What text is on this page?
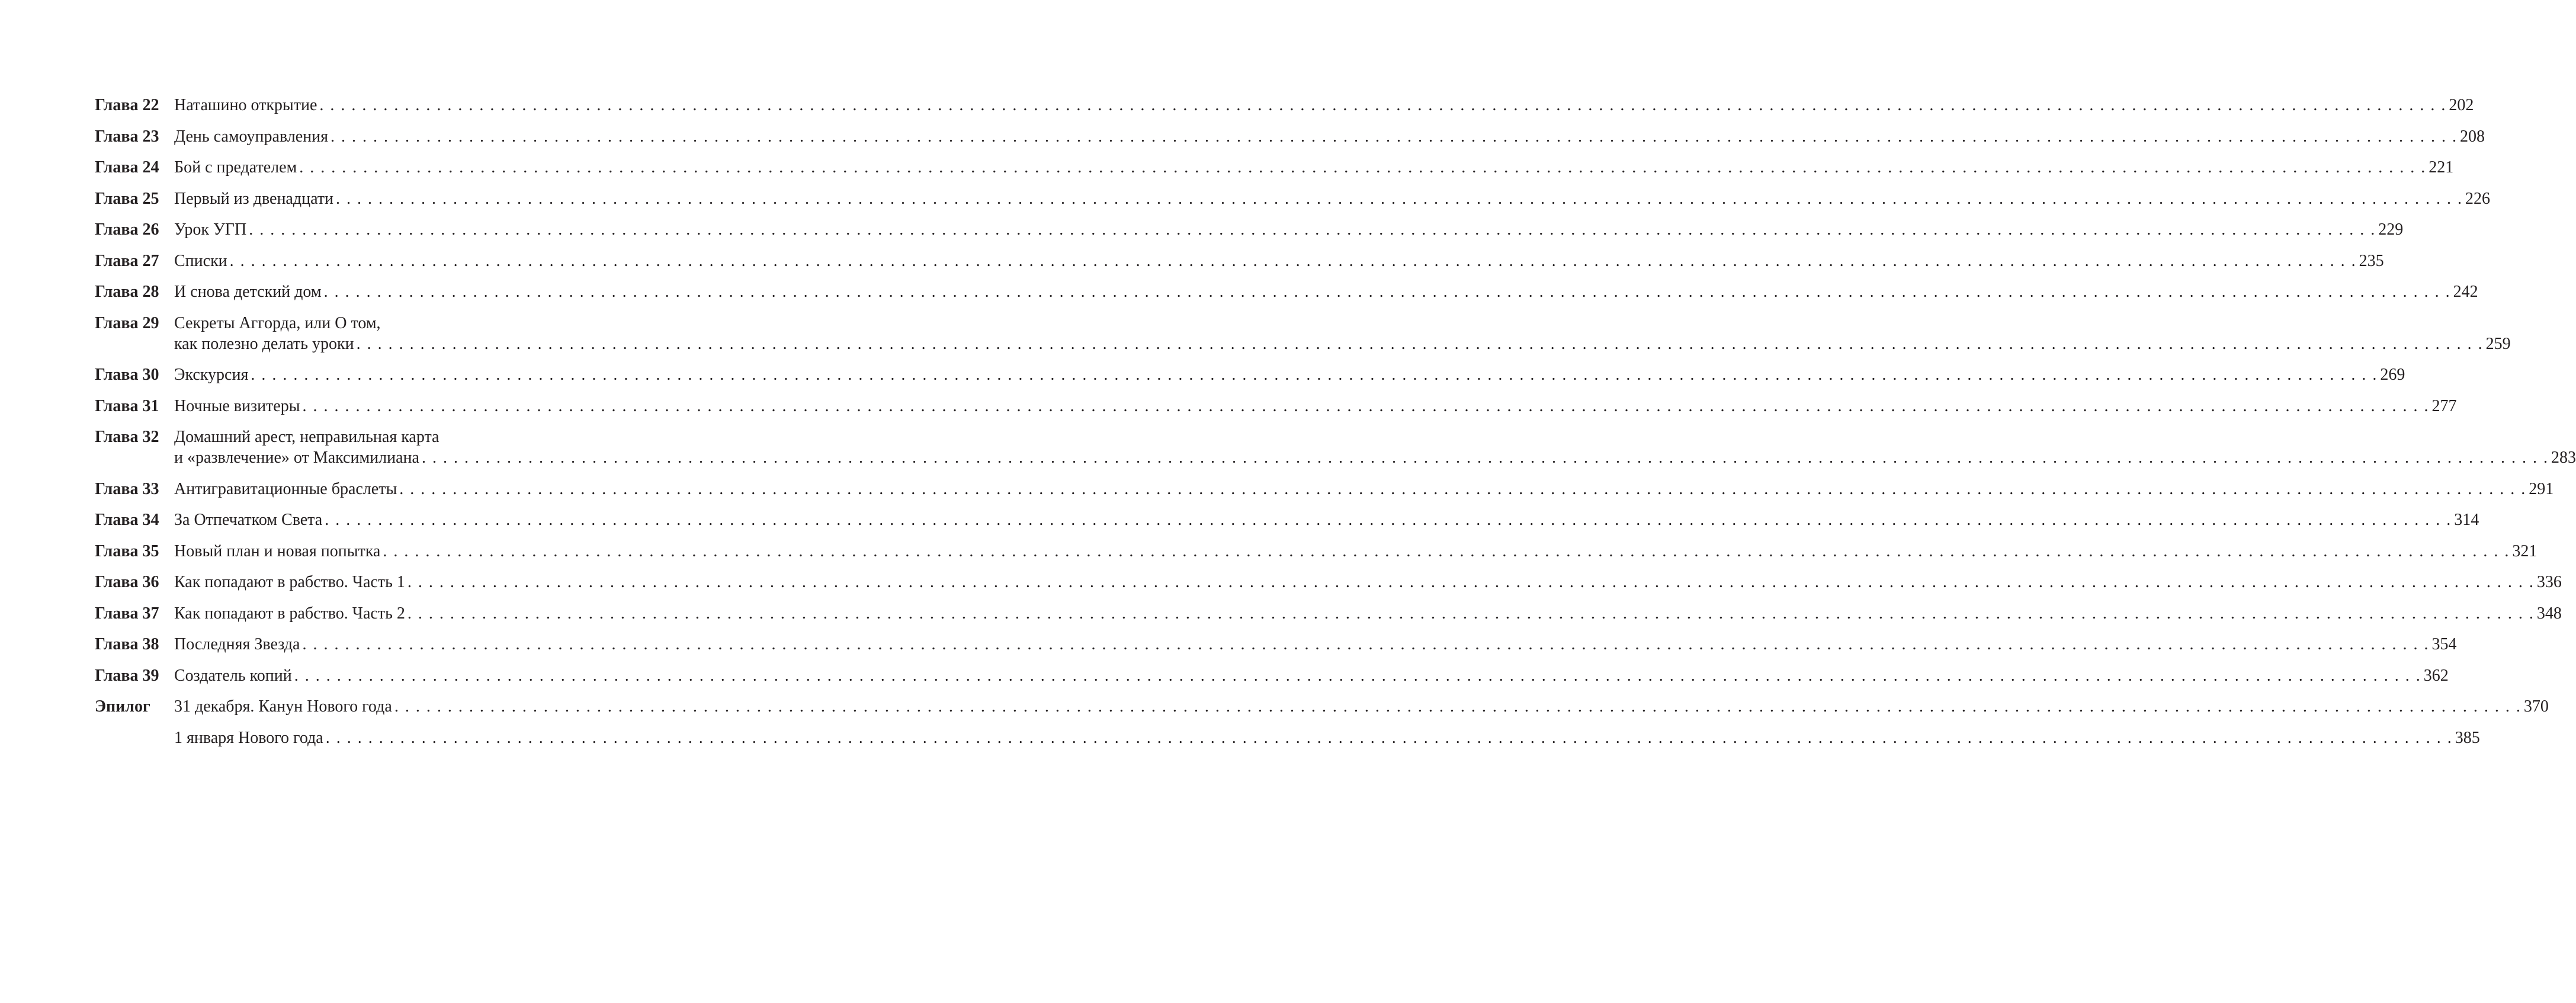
Глава 22 Наташино открытие . . . . . . . . . . . . . . . . . . . . . . . . . . . . . . . . . . . . . . . . . . . . . . . . . . . . . . . . . . . . . . . . . . . . . . . . . . . . . . . . . . . . . . . . . . . . . . . . . . . . . . . . . . . . . . . . . . . . . . . . . . . . . . . . . . . . . . . . . . . . . . . . . . . . . . . . . . . . . . . . . . . . . . . . . . . . . . . . . . . . . . . . . . . . . . . . . . . . . . . . 202
Глава 23 День самоуправления . . . . . . . . . . . . . . . . . . . . . . . . . . . . . . . . . . . . . . . . . . . . . . . . . . . . . . . . . . . . . . . . . . . . . . . . . . . . . . . . . . . . . . . . . . . . . . . . . . . . . . . . . . . . . . . . . . . . . . . . . . . . . . . . . . . . . . . . . . . . . . . . . . . . . . . . . . . . . . . . . . . . . . . . . . . . . . . . . . . . . . . . . . . . . . . . . . . . . . . . 208
Глава 24 Бой с предателем . . . . . . . . . . . . . . . . . . . . . . . . . . . . . . . . . . . . . . . . . . . . . . . . . . . . . . . . . . . . . . . . . . . . . . . . . . . . . . . . . . . . . . . . . . . . . . . . . . . . . . . . . . . . . . . . . . . . . . . . . . . . . . . . . . . . . . . . . . . . . . . . . . . . . . . . . . . . . . . . . . . . . . . . . . . . . . . . . . . . . . . . . . . . . . . . . . . . . . . . 221
Глава 25 Первый из двенадцати . . . . . . . . . . . . . . . . . . . . . . . . . . . . . . . . . . . . . . . . . . . . . . . . . . . . . . . . . . . . . . . . . . . . . . . . . . . . . . . . . . . . . . . . . . . . . . . . . . . . . . . . . . . . . . . . . . . . . . . . . . . . . . . . . . . . . . . . . . . . . . . . . . . . . . . . . . . . . . . . . . . . . . . . . . . . . . . . . . . . . . . . . . . . . . . . . . . . . . . . 226
Глава 26 Урок УГП . . . . . . . . . . . . . . . . . . . . . . . . . . . . . . . . . . . . . . . . . . . . . . . . . . . . . . . . . . . . . . . . . . . . . . . . . . . . . . . . . . . . . . . . . . . . . . . . . . . . . . . . . . . . . . . . . . . . . . . . . . . . . . . . . . . . . . . . . . . . . . . . . . . . . . . . . . . . . . . . . . . . . . . . . . . . . . . . . . . . . . . . . . . . . . . . . . . . . . . . 229
Глава 27 Списки . . . . . . . . . . . . . . . . . . . . . . . . . . . . . . . . . . . . . . . . . . . . . . . . . . . . . . . . . . . . . . . . . . . . . . . . . . . . . . . . . . . . . . . . . . . . . . . . . . . . . . . . . . . . . . . . . . . . . . . . . . . . . . . . . . . . . . . . . . . . . . . . . . . . . . . . . . . . . . . . . . . . . . . . . . . . . . . . . . . . . . . . . . . . . . . . . . . . . . . . 235
Глава 28 И снова детский дом . . . . . . . . . . . . . . . . . . . . . . . . . . . . . . . . . . . . . . . . . . . . . . . . . . . . . . . . . . . . . . . . . . . . . . . . . . . . . . . . . . . . . . . . . . . . . . . . . . . . . . . . . . . . . . . . . . . . . . . . . . . . . . . . . . . . . . . . . . . . . . . . . . . . . . . . . . . . . . . . . . . . . . . . . . . . . . . . . . . . . . . . . . . . . . . . . . . . . . . . 242
Глава 29 Секреты Аггорда, или О том,
как полезно делать уроки . . . . . . . . . . . . . . . . . . . . . . . . . . . . . . . . . . . . . . . . . . . . . . . . . . . . . . . . . . . . . . . . . . . . . . . . . . . . . . . . . . . . . . . . . . . . . . . . . . . . . . . . . . . . . . . . . . . . . . . . . . . . . . . . . . . . . . . . . . . . . . . . . . . . . . . . . . . . . . . . . . . . . . . . . . . . . . . . . . . . . . . . . . . . . . . . . . . . . . . . 259
Глава 30 Экскурсия . . . . . . . . . . . . . . . . . . . . . . . . . . . . . . . . . . . . . . . . . . . . . . . . . . . . . . . . . . . . . . . . . . . . . . . . . . . . . . . . . . . . . . . . . . . . . . . . . . . . . . . . . . . . . . . . . . . . . . . . . . . . . . . . . . . . . . . . . . . . . . . . . . . . . . . . . . . . . . . . . . . . . . . . . . . . . . . . . . . . . . . . . . . . . . . . . . . . . . . . 269
Глава 31 Ночные визитеры . . . . . . . . . . . . . . . . . . . . . . . . . . . . . . . . . . . . . . . . . . . . . . . . . . . . . . . . . . . . . . . . . . . . . . . . . . . . . . . . . . . . . . . . . . . . . . . . . . . . . . . . . . . . . . . . . . . . . . . . . . . . . . . . . . . . . . . . . . . . . . . . . . . . . . . . . . . . . . . . . . . . . . . . . . . . . . . . . . . . . . . . . . . . . . . . . . . . . . . . 277
Глава 32 Домашний арест, неправильная карта
и «развлечение» от Максимилиана . . . . . . . . . . . . . . . . . . . . . . . . . . . . . . . . . . . . . . . . . . . . . . . . . . . . . . . . . . . . . . . . . . . . . . . . . . . . . . . . . . . . . . . . . . . . . . . . . . . . . . . . . . . . . . . . . . . . . . . . . . . . . . . . . . . . . . . . . . . . . . . . . . . . . . . . . . . . . . . . . . . . . . . . . . . . . . . . . . . . . . . . . . . . . . . . . . . . . . . . 283
Глава 33 Антигравитационные браслеты . . . . . . . . . . . . . . . . . . . . . . . . . . . . . . . . . . . . . . . . . . . . . . . . . . . . . . . . . . . . . . . . . . . . . . . . . . . . . . . . . . . . . . . . . . . . . . . . . . . . . . . . . . . . . . . . . . . . . . . . . . . . . . . . . . . . . . . . . . . . . . . . . . . . . . . . . . . . . . . . . . . . . . . . . . . . . . . . . . . . . . . . . . . . . . . . . . . . . . . . 291
Глава 34 За Отпечатком Света . . . . . . . . . . . . . . . . . . . . . . . . . . . . . . . . . . . . . . . . . . . . . . . . . . . . . . . . . . . . . . . . . . . . . . . . . . . . . . . . . . . . . . . . . . . . . . . . . . . . . . . . . . . . . . . . . . . . . . . . . . . . . . . . . . . . . . . . . . . . . . . . . . . . . . . . . . . . . . . . . . . . . . . . . . . . . . . . . . . . . . . . . . . . . . . . . . . . . . . . 314
Глава 35 Новый план и новая попытка . . . . . . . . . . . . . . . . . . . . . . . . . . . . . . . . . . . . . . . . . . . . . . . . . . . . . . . . . . . . . . . . . . . . . . . . . . . . . . . . . . . . . . . . . . . . . . . . . . . . . . . . . . . . . . . . . . . . . . . . . . . . . . . . . . . . . . . . . . . . . . . . . . . . . . . . . . . . . . . . . . . . . . . . . . . . . . . . . . . . . . . . . . . . . . . . . . . . . . . . 321
Глава 36 Как попадают в рабство. Часть 1 . . . . . . . . . . . . . . . . . . . . . . . . . . . . . . . . . . . . . . . . . . . . . . . . . . . . . . . . . . . . . . . . . . . . . . . . . . . . . . . . . . . . . . . . . . . . . . . . . . . . . . . . . . . . . . . . . . . . . . . . . . . . . . . . . . . . . . . . . . . . . . . . . . . . . . . . . . . . . . . . . . . . . . . . . . . . . . . . . . . . . . . . . . . . . . . . . . . . . . . . 336
Глава 37 Как попадают в рабство. Часть 2 . . . . . . . . . . . . . . . . . . . . . . . . . . . . . . . . . . . . . . . . . . . . . . . . . . . . . . . . . . . . . . . . . . . . . . . . . . . . . . . . . . . . . . . . . . . . . . . . . . . . . . . . . . . . . . . . . . . . . . . . . . . . . . . . . . . . . . . . . . . . . . . . . . . . . . . . . . . . . . . . . . . . . . . . . . . . . . . . . . . . . . . . . . . . . . . . . . . . . . . . 348
Глава 38 Последняя Звезда . . . . . . . . . . . . . . . . . . . . . . . . . . . . . . . . . . . . . . . . . . . . . . . . . . . . . . . . . . . . . . . . . . . . . . . . . . . . . . . . . . . . . . . . . . . . . . . . . . . . . . . . . . . . . . . . . . . . . . . . . . . . . . . . . . . . . . . . . . . . . . . . . . . . . . . . . . . . . . . . . . . . . . . . . . . . . . . . . . . . . . . . . . . . . . . . . . . . . . . . 354
Глава 39 Создатель копий . . . . . . . . . . . . . . . . . . . . . . . . . . . . . . . . . . . . . . . . . . . . . . . . . . . . . . . . . . . . . . . . . . . . . . . . . . . . . . . . . . . . . . . . . . . . . . . . . . . . . . . . . . . . . . . . . . . . . . . . . . . . . . . . . . . . . . . . . . . . . . . . . . . . . . . . . . . . . . . . . . . . . . . . . . . . . . . . . . . . . . . . . . . . . . . . . . . . . . . . 362
Эпилог	31 декабря. Канун Нового года . . . . . . . . . . . . . . . . . . . . . . . . . . . . . . . . . . . . . . . . . . . . . . . . . . . . . . . . . . . . . . . . . . . . . . . . . . . . . . . . . . . . . . . . . . . . . . . . . . . . . . . . . . . . . . . . . . . . . . . . . . . . . . . . . . . . . . . . . . . . . . . . . . . . . . . . . . . . . . . . . . . . . . . . . . . . . . . . . . . . . . . . . . . . . . . . . . . . . . . . 370
1 января Нового года . . . . . . . . . . . . . . . . . . . . . . . . . . . . . . . . . . . . . . . . . . . . . . . . . . . . . . . . . . . . . . . . . . . . . . . . . . . . . . . . . . . . . . . . . . . . . . . . . . . . . . . . . . . . . . . . . . . . . . . . . . . . . . . . . . . . . . . . . . . . . . . . . . . . . . . . . . . . . . . . . . . . . . . . . . . . . . . . . . . . . . . . . . . . . . . . . . . . . . . . 385
